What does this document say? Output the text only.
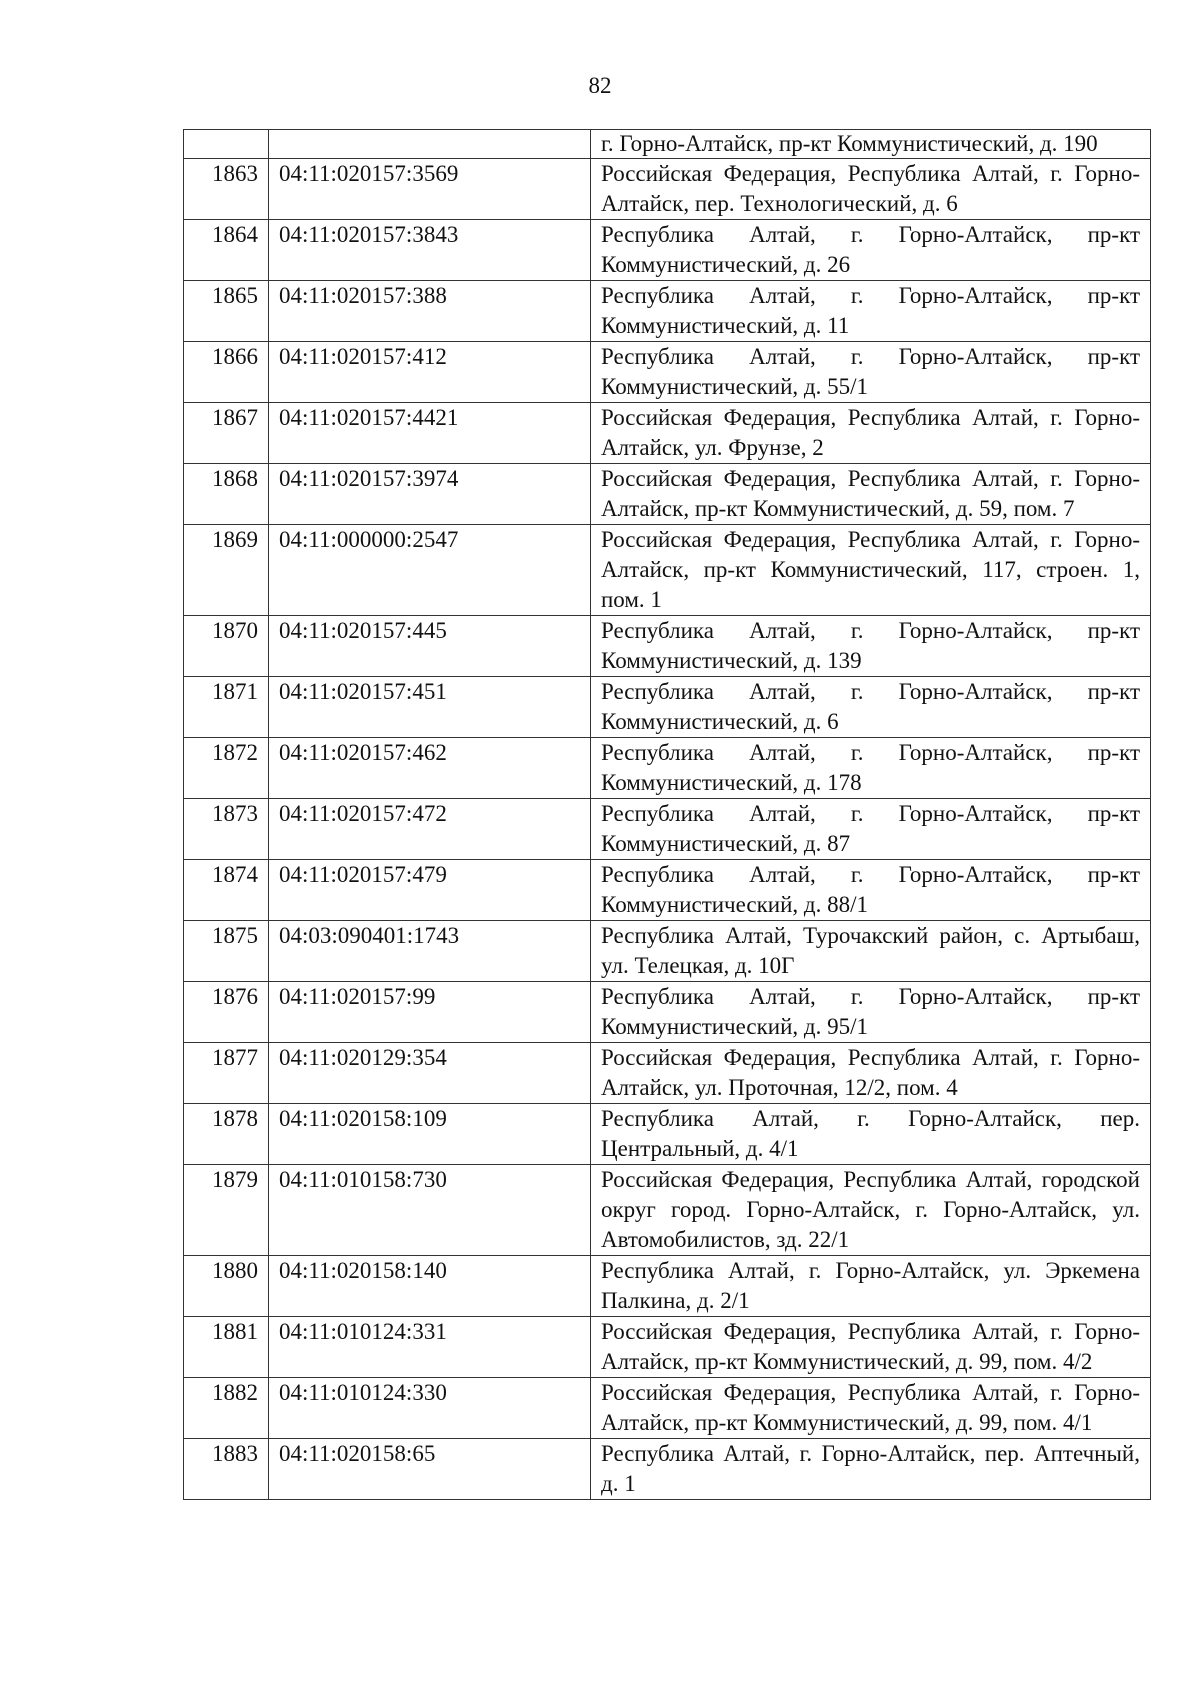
82
		г. Горно-Алтайск, пр-кт Коммунистический, д. 190
1863	04:11:020157:3569	Российская Федерация, Республика Алтай, г. Горно-Алтайск, пер. Технологический, д. 6
1864	04:11:020157:3843	Республика Алтай, г. Горно-Алтайск, пр-кт Коммунистический, д. 26
1865	04:11:020157:388	Республика Алтай, г. Горно-Алтайск, пр-кт Коммунистический, д. 11
1866	04:11:020157:412	Республика Алтай, г. Горно-Алтайск, пр-кт Коммунистический, д. 55/1
1867	04:11:020157:4421	Российская Федерация, Республика Алтай, г. Горно-Алтайск, ул. Фрунзе, 2
1868	04:11:020157:3974	Российская Федерация, Республика Алтай, г. Горно-Алтайск, пр-кт Коммунистический, д. 59, пом. 7
1869	04:11:000000:2547	Российская Федерация, Республика Алтай, г. Горно-Алтайск, пр-кт Коммунистический, 117, строен. 1, пом. 1
1870	04:11:020157:445	Республика Алтай, г. Горно-Алтайск, пр-кт Коммунистический, д. 139
1871	04:11:020157:451	Республика Алтай, г. Горно-Алтайск, пр-кт Коммунистический, д. 6
1872	04:11:020157:462	Республика Алтай, г. Горно-Алтайск, пр-кт Коммунистический, д. 178
1873	04:11:020157:472	Республика Алтай, г. Горно-Алтайск, пр-кт Коммунистический, д. 87
1874	04:11:020157:479	Республика Алтай, г. Горно-Алтайск, пр-кт Коммунистический, д. 88/1
1875	04:03:090401:1743	Республика Алтай, Турочакский район, с. Артыбаш, ул. Телецкая, д. 10Г
1876	04:11:020157:99	Республика Алтай, г. Горно-Алтайск, пр-кт Коммунистический, д. 95/1
1877	04:11:020129:354	Российская Федерация, Республика Алтай, г. Горно-Алтайск, ул. Проточная, 12/2, пом. 4
1878	04:11:020158:109	Республика Алтай, г. Горно-Алтайск, пер. Центральный, д. 4/1
1879	04:11:010158:730	Российская Федерация, Республика Алтай, городской округ город. Горно-Алтайск, г. Горно-Алтайск, ул. Автомобилистов, зд. 22/1
1880	04:11:020158:140	Республика Алтай, г. Горно-Алтайск, ул. Эркемена Палкина, д. 2/1
1881	04:11:010124:331	Российская Федерация, Республика Алтай, г. Горно-Алтайск, пр-кт Коммунистический, д. 99, пом. 4/2
1882	04:11:010124:330	Российская Федерация, Республика Алтай, г. Горно-Алтайск, пр-кт Коммунистический, д. 99, пом. 4/1
1883	04:11:020158:65	Республика Алтай, г. Горно-Алтайск, пер. Аптечный, д. 1
